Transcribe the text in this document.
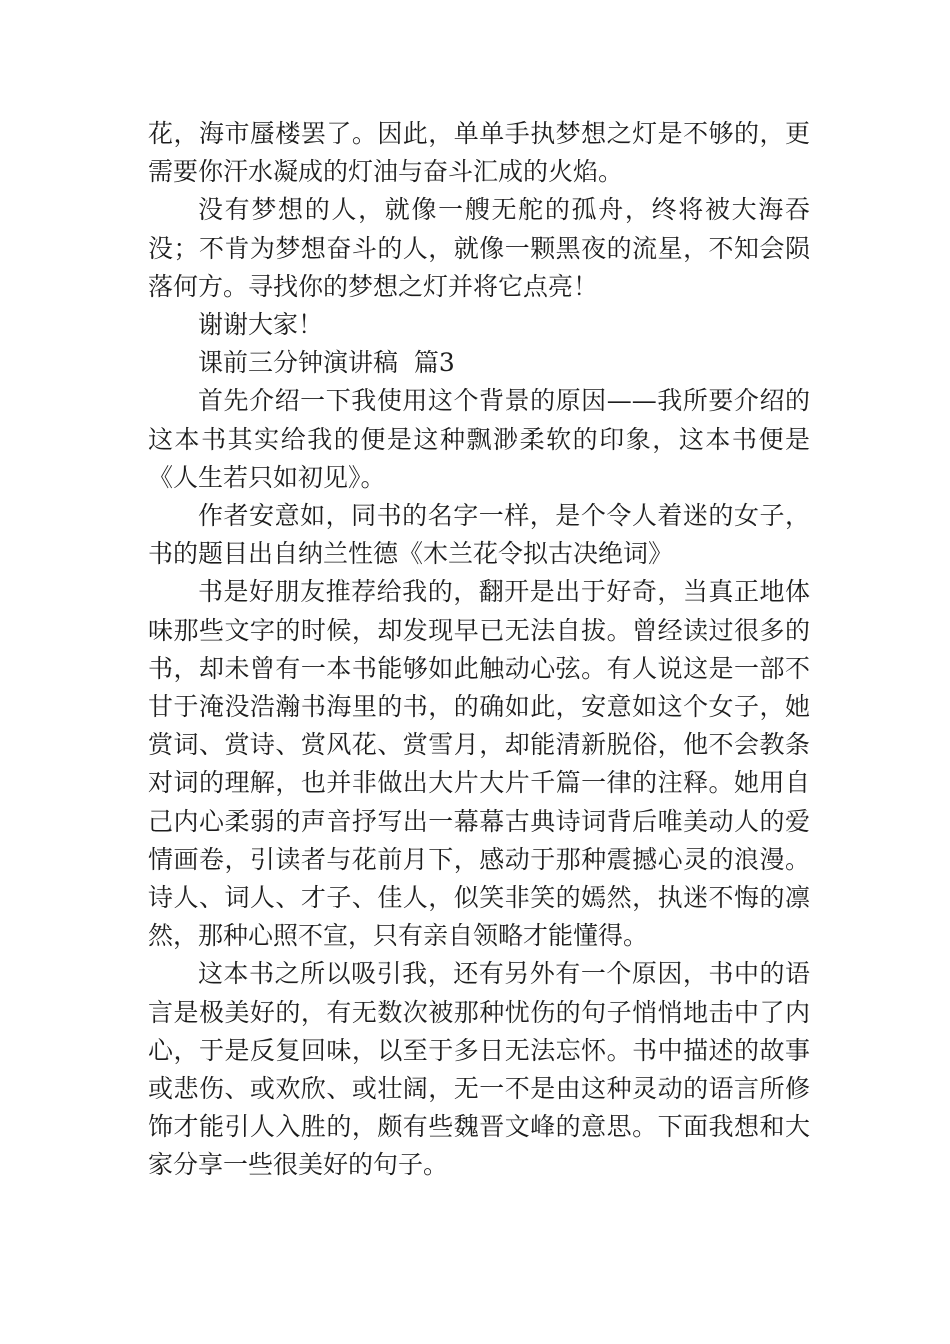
花，海市蜃楼罢了。因此，单单手执梦想之灯是不够的，更需要你汗水凝成的灯油与奋斗汇成的火焰。

没有梦想的人，就像一艘无舵的孤舟，终将被大海吞没；不肯为梦想奋斗的人，就像一颗黑夜的流星，不知会陨落何方。寻找你的梦想之灯并将它点亮！

谢谢大家！

课前三分钟演讲稿  篇3

首先介绍一下我使用这个背景的原因——我所要介绍的这本书其实给我的便是这种飘渺柔软的印象，这本书便是《人生若只如初见》。

作者安意如，同书的名字一样，是个令人着迷的女子，书的题目出自纳兰性德《木兰花令拟古决绝词》

书是好朋友推荐给我的，翻开是出于好奇，当真正地体味那些文字的时候，却发现早已无法自拔。曾经读过很多的书，却未曾有一本书能够如此触动心弦。有人说这是一部不甘于淹没浩瀚书海里的书，的确如此，安意如这个女子，她赏词、赏诗、赏风花、赏雪月，却能清新脱俗，他不会教条对词的理解，也并非做出大片大片千篇一律的注释。她用自己内心柔弱的声音抒写出一幕幕古典诗词背后唯美动人的爱情画卷，引读者与花前月下，感动于那种震撼心灵的浪漫。诗人、词人、才子、佳人，似笑非笑的嫣然，执迷不悔的凛然，那种心照不宣，只有亲自领略才能懂得。

这本书之所以吸引我，还有另外有一个原因，书中的语言是极美好的，有无数次被那种忧伤的句子悄悄地击中了内心，于是反复回味，以至于多日无法忘怀。书中描述的故事或悲伤、或欢欣、或壮阔，无一不是由这种灵动的语言所修饰才能引人入胜的，颇有些魏晋文峰的意思。下面我想和大家分享一些很美好的句子。
